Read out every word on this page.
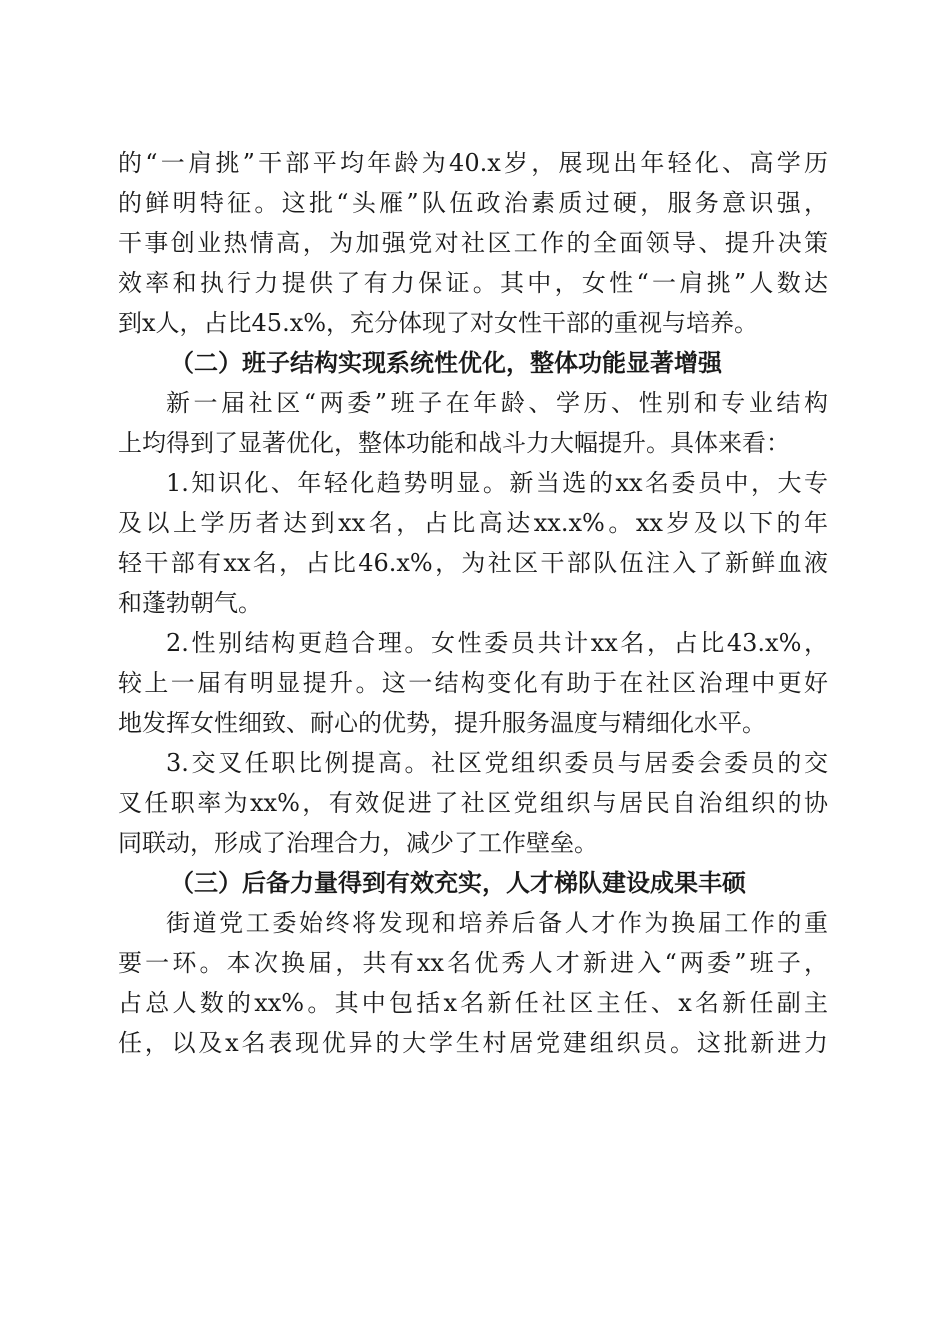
的“一肩挑”干部平均年龄为40.x岁，展现出年轻化、高学历
的鲜明特征。这批“头雁”队伍政治素质过硬，服务意识强，
干事创业热情高，为加强党对社区工作的全面领导、提升决策
效率和执行力提供了有力保证。其中，女性“一肩挑”人数达
到x人，占比45.x%，充分体现了对女性干部的重视与培养。
（二）班子结构实现系统性优化，整体功能显著增强
新一届社区“两委”班子在年龄、学历、性别和专业结构
上均得到了显著优化，整体功能和战斗力大幅提升。具体来看：
1.知识化、年轻化趋势明显。新当选的xx名委员中，大专
及以上学历者达到xx名，占比高达xx.x%。xx岁及以下的年
轻干部有xx名，占比46.x%，为社区干部队伍注入了新鲜血液
和蓬勃朝气。
2.性别结构更趋合理。女性委员共计xx名，占比43.x%，
较上一届有明显提升。这一结构变化有助于在社区治理中更好
地发挥女性细致、耐心的优势，提升服务温度与精细化水平。
3.交叉任职比例提高。社区党组织委员与居委会委员的交
叉任职率为xx%，有效促进了社区党组织与居民自治组织的协
同联动，形成了治理合力，减少了工作壁垒。
（三）后备力量得到有效充实，人才梯队建设成果丰硕
街道党工委始终将发现和培养后备人才作为换届工作的重
要一环。本次换届，共有xx名优秀人才新进入“两委”班子，
占总人数的xx%。其中包括x名新任社区主任、x名新任副主
任，以及x名表现优异的大学生村居党建组织员。这批新进力
